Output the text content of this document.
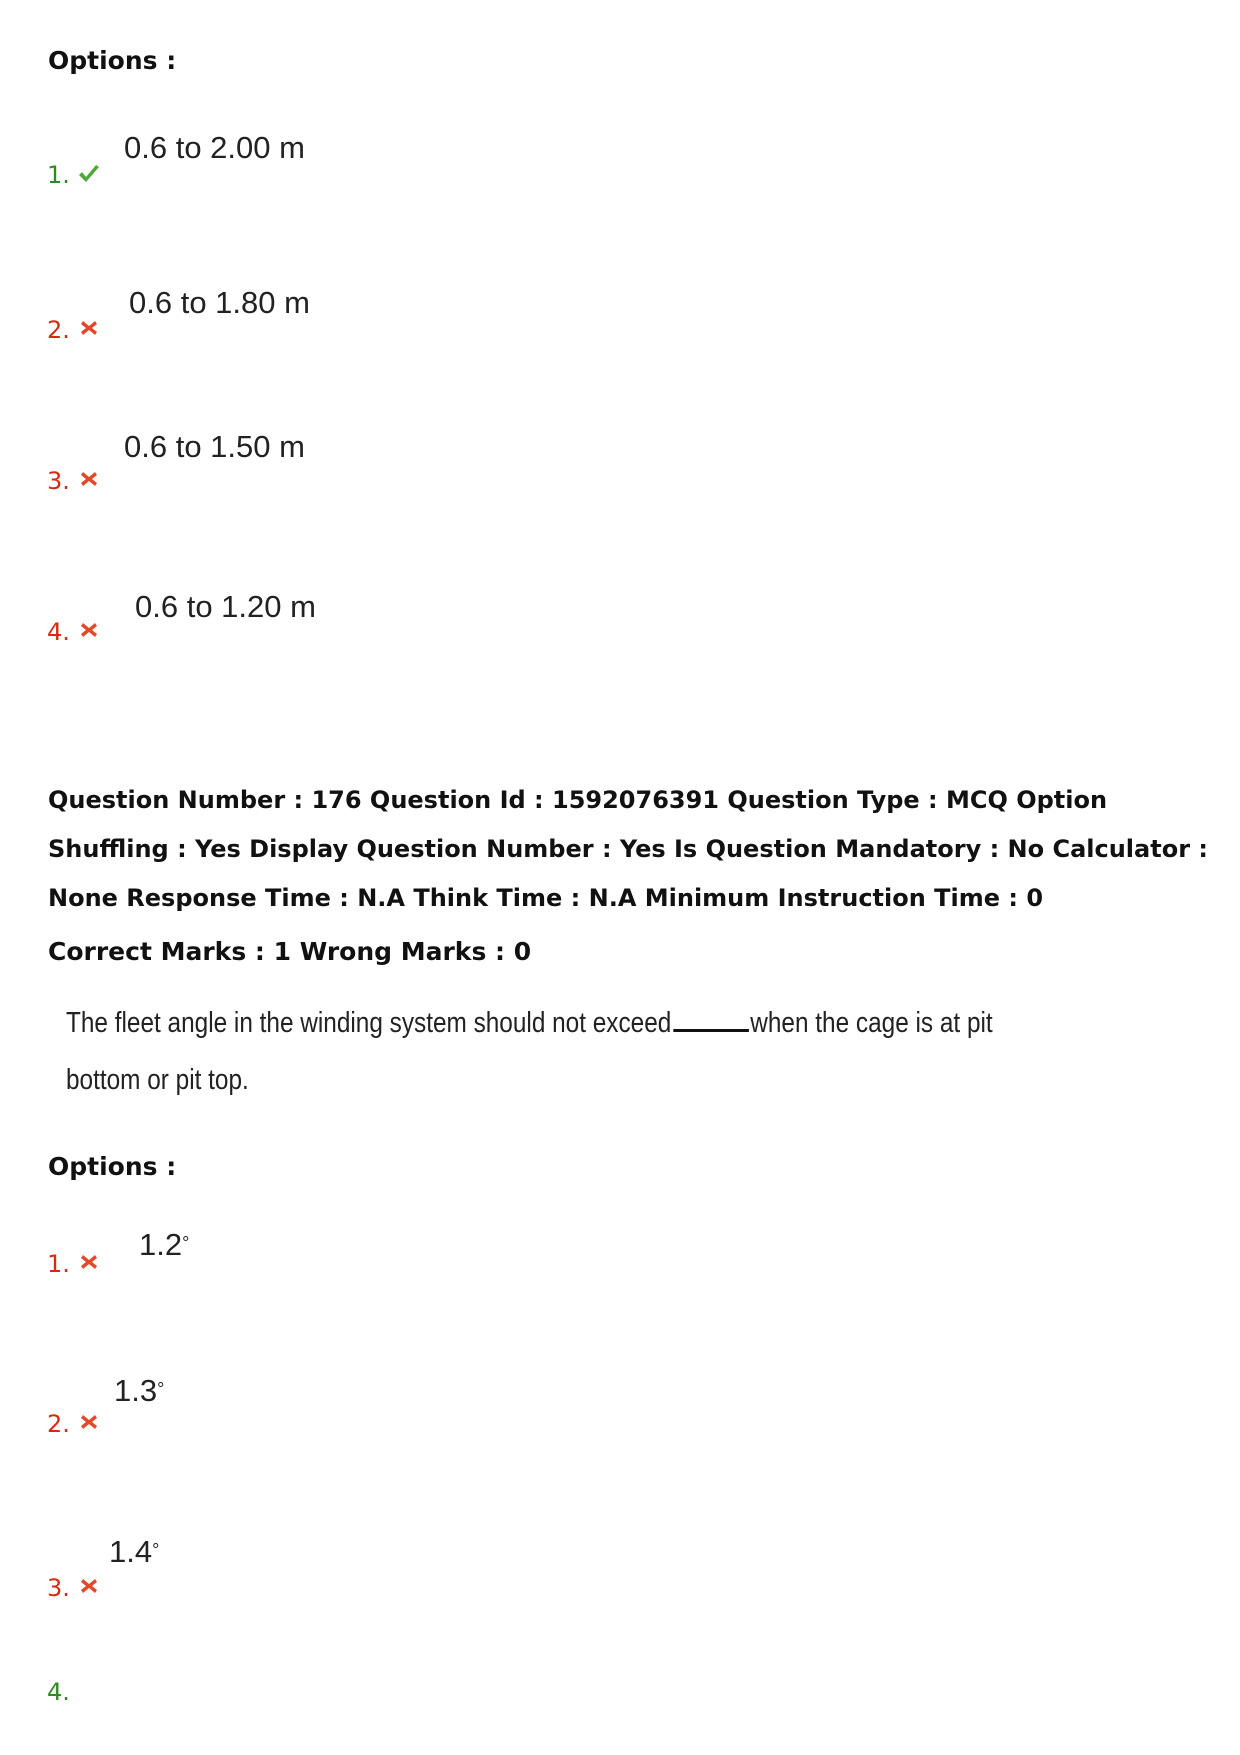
Options :
1.
0.6 to 2.00 m
2.
0.6 to 1.80 m
3.
0.6 to 1.50 m
4.
0.6 to 1.20 m
Question Number : 176 Question Id : 1592076391 Question Type : MCQ Option Shuffling : Yes Display Question Number : Yes Is Question Mandatory : No Calculator : None Response Time : N.A Think Time : N.A Minimum Instruction Time : 0
Correct Marks : 1 Wrong Marks : 0
The fleet angle in the winding system should not exceed	when the cage is at pit
bottom or pit top.
Options :
1.
1.2°
2.
1.3°
3.
1.4°
4.
